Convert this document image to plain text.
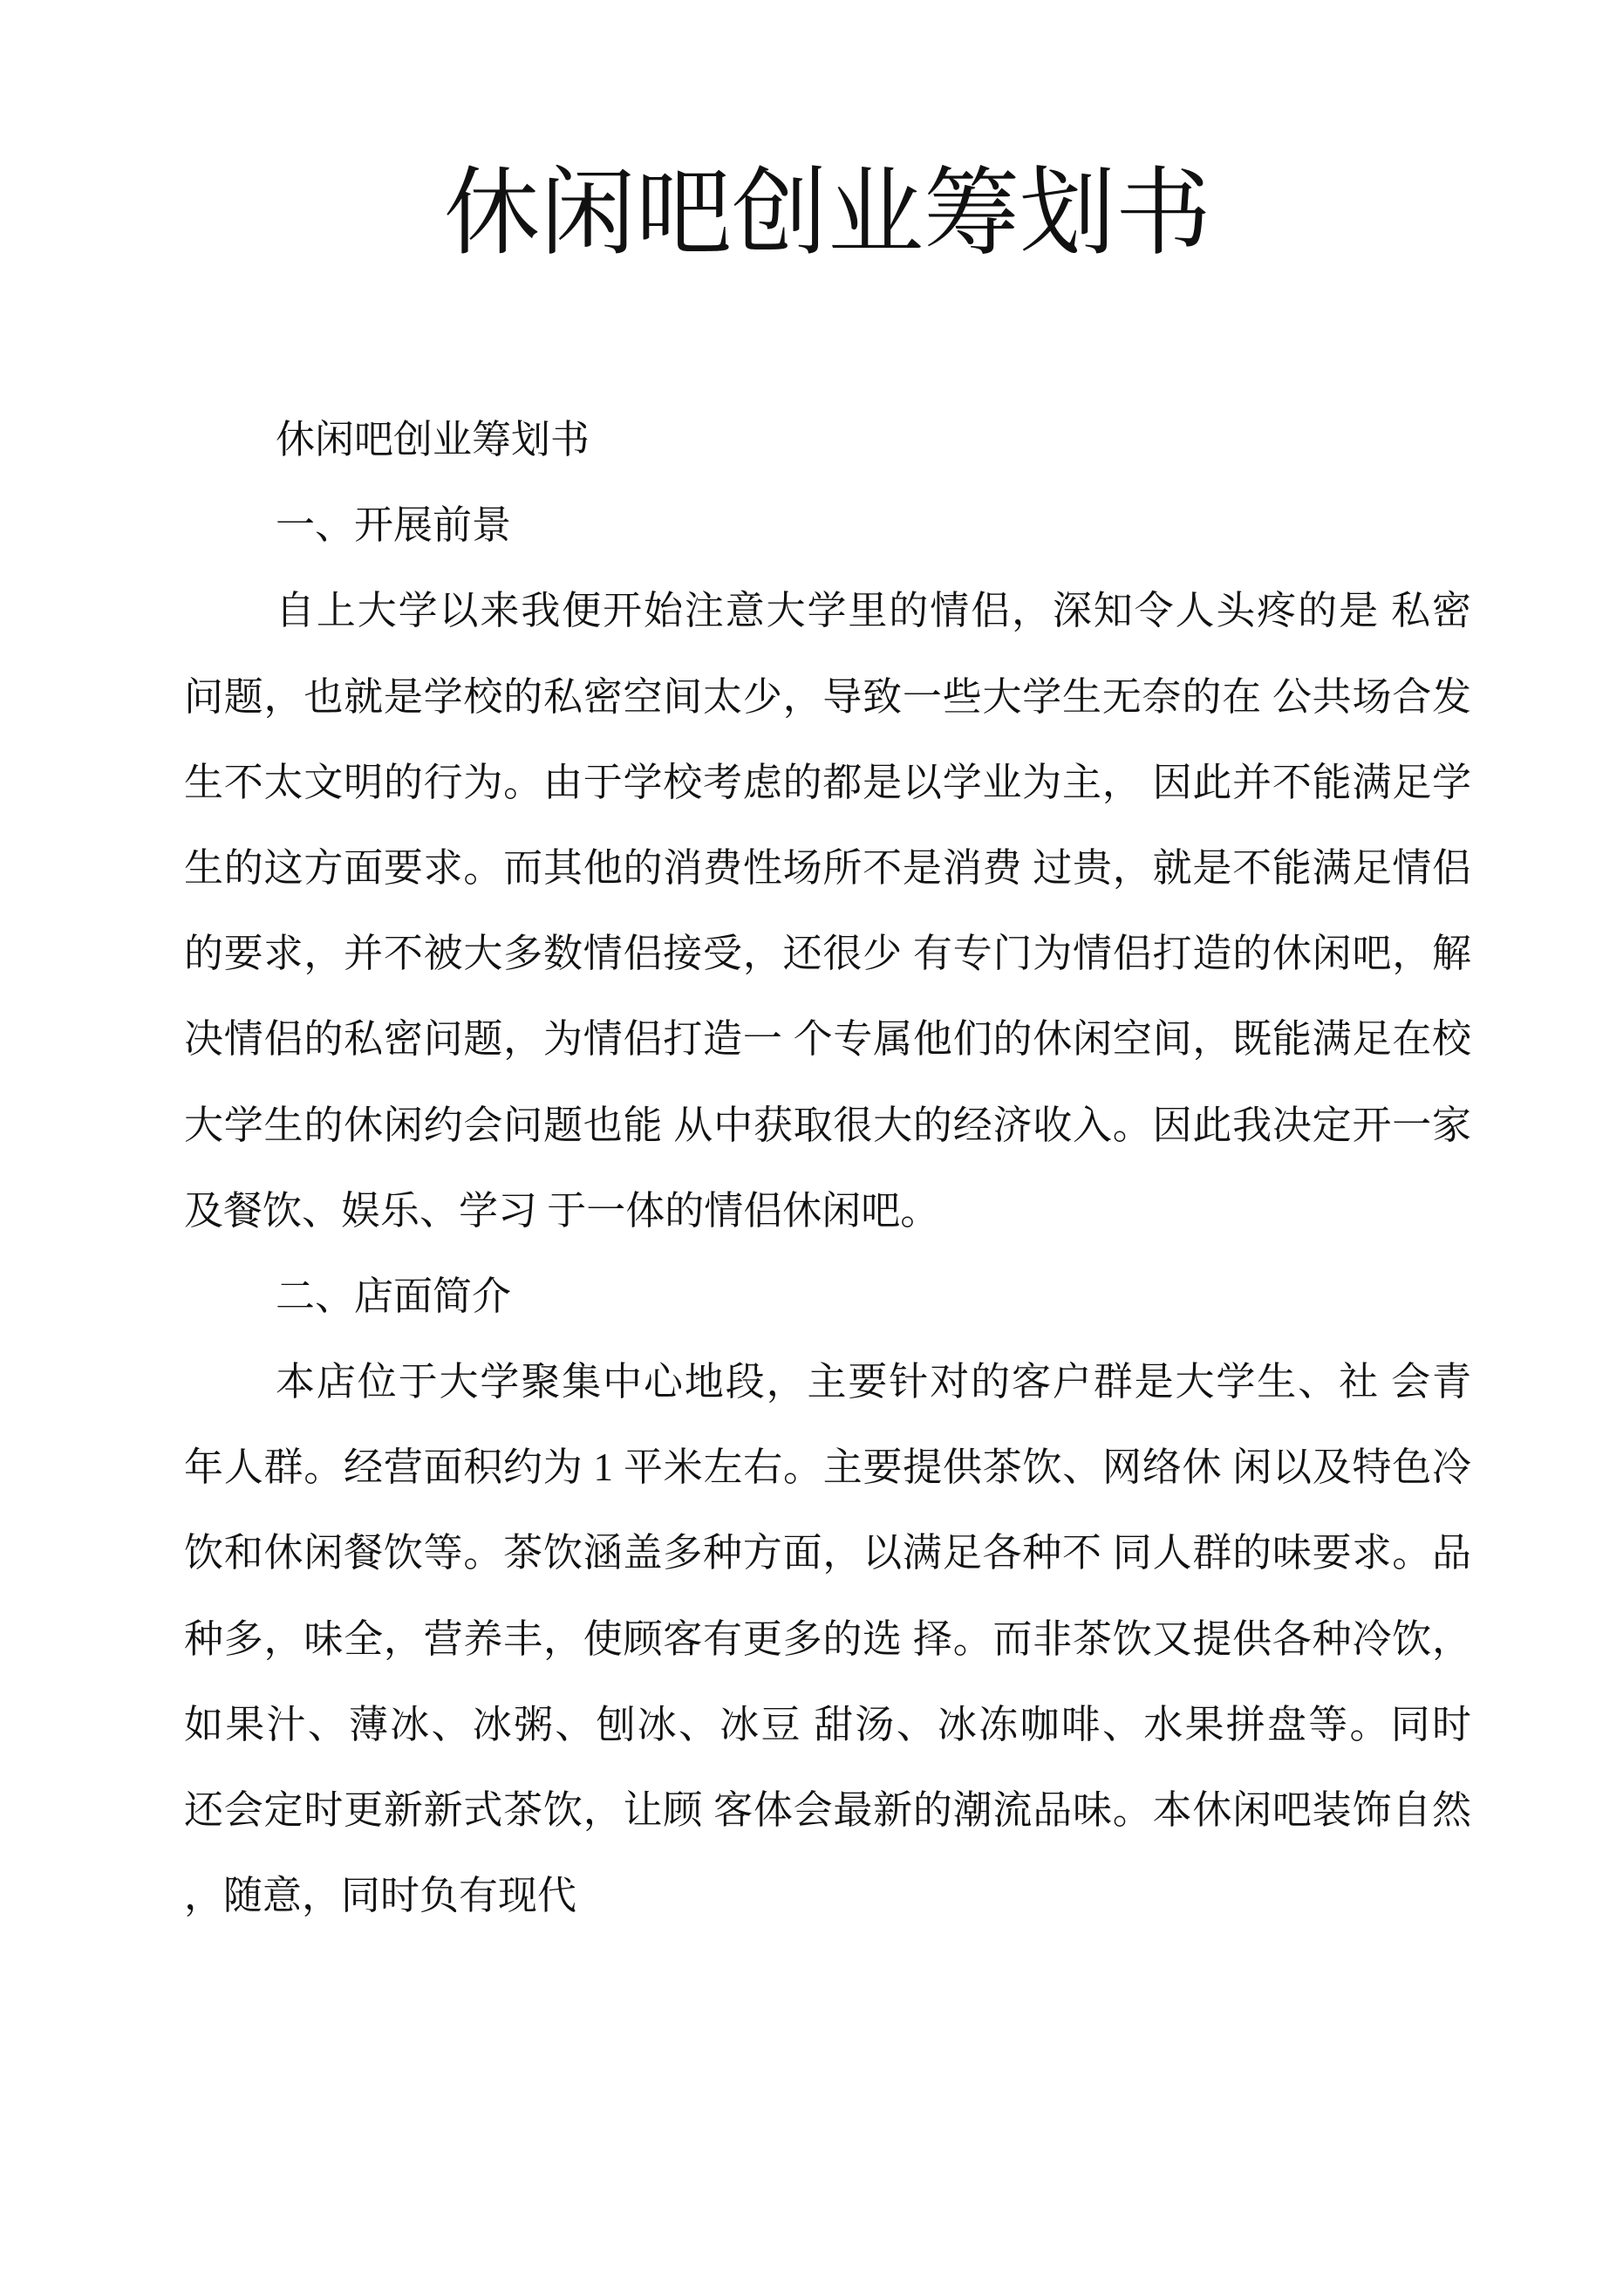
休闲吧创业筹划书
休闲吧创业筹划书
一、开展前景
自上大学以来我便开始注意大学里的情侣，深知令人头疼的是 私密
问题，也就是学校的私密空间太少，导致一些大学生无奈的在 公共场合发
生不太文明的行为。由于学校考虑的都是以学业为主， 因此并不能满足学
生的这方面要求。而其他的消费性场所不是消费 过贵，就是不能满足情侣
的要求，并不被大多数情侣接受，还很少 有专门为情侣打造的休闲吧，解
决情侣的私密问题，为情侣打造一 个专属他们的休闲空间，既能满足在校
大学生的休闲约会问题也能 从中获取很大的经济收入。因此我决定开一家
及餐饮、娱乐、学习 于一体的情侣休闲吧。
二、店面简介
本店位于大学聚集中心地段，主要针对的客户群是大学生、社 会青
年人群。经营面积约为 1 平米左右。主要提供茶饮、网络休 闲以及特色冷
饮和休闲餐饮等。茶饮涵盖多种方面，以满足各种不 同人群的味要求。品
种多，味全，营养丰，使顾客有更多的选 择。而非茶饮又提供各种冷饮，
如果汁、薄冰、冰粥、刨冰、冰豆 甜汤、冰冻咖啡、水果拼盘等。同时
还会定时更新新式茶饮，让顾 客体会最新的潮流品味。本休闲吧装饰自然
，随意，同时负有现代
